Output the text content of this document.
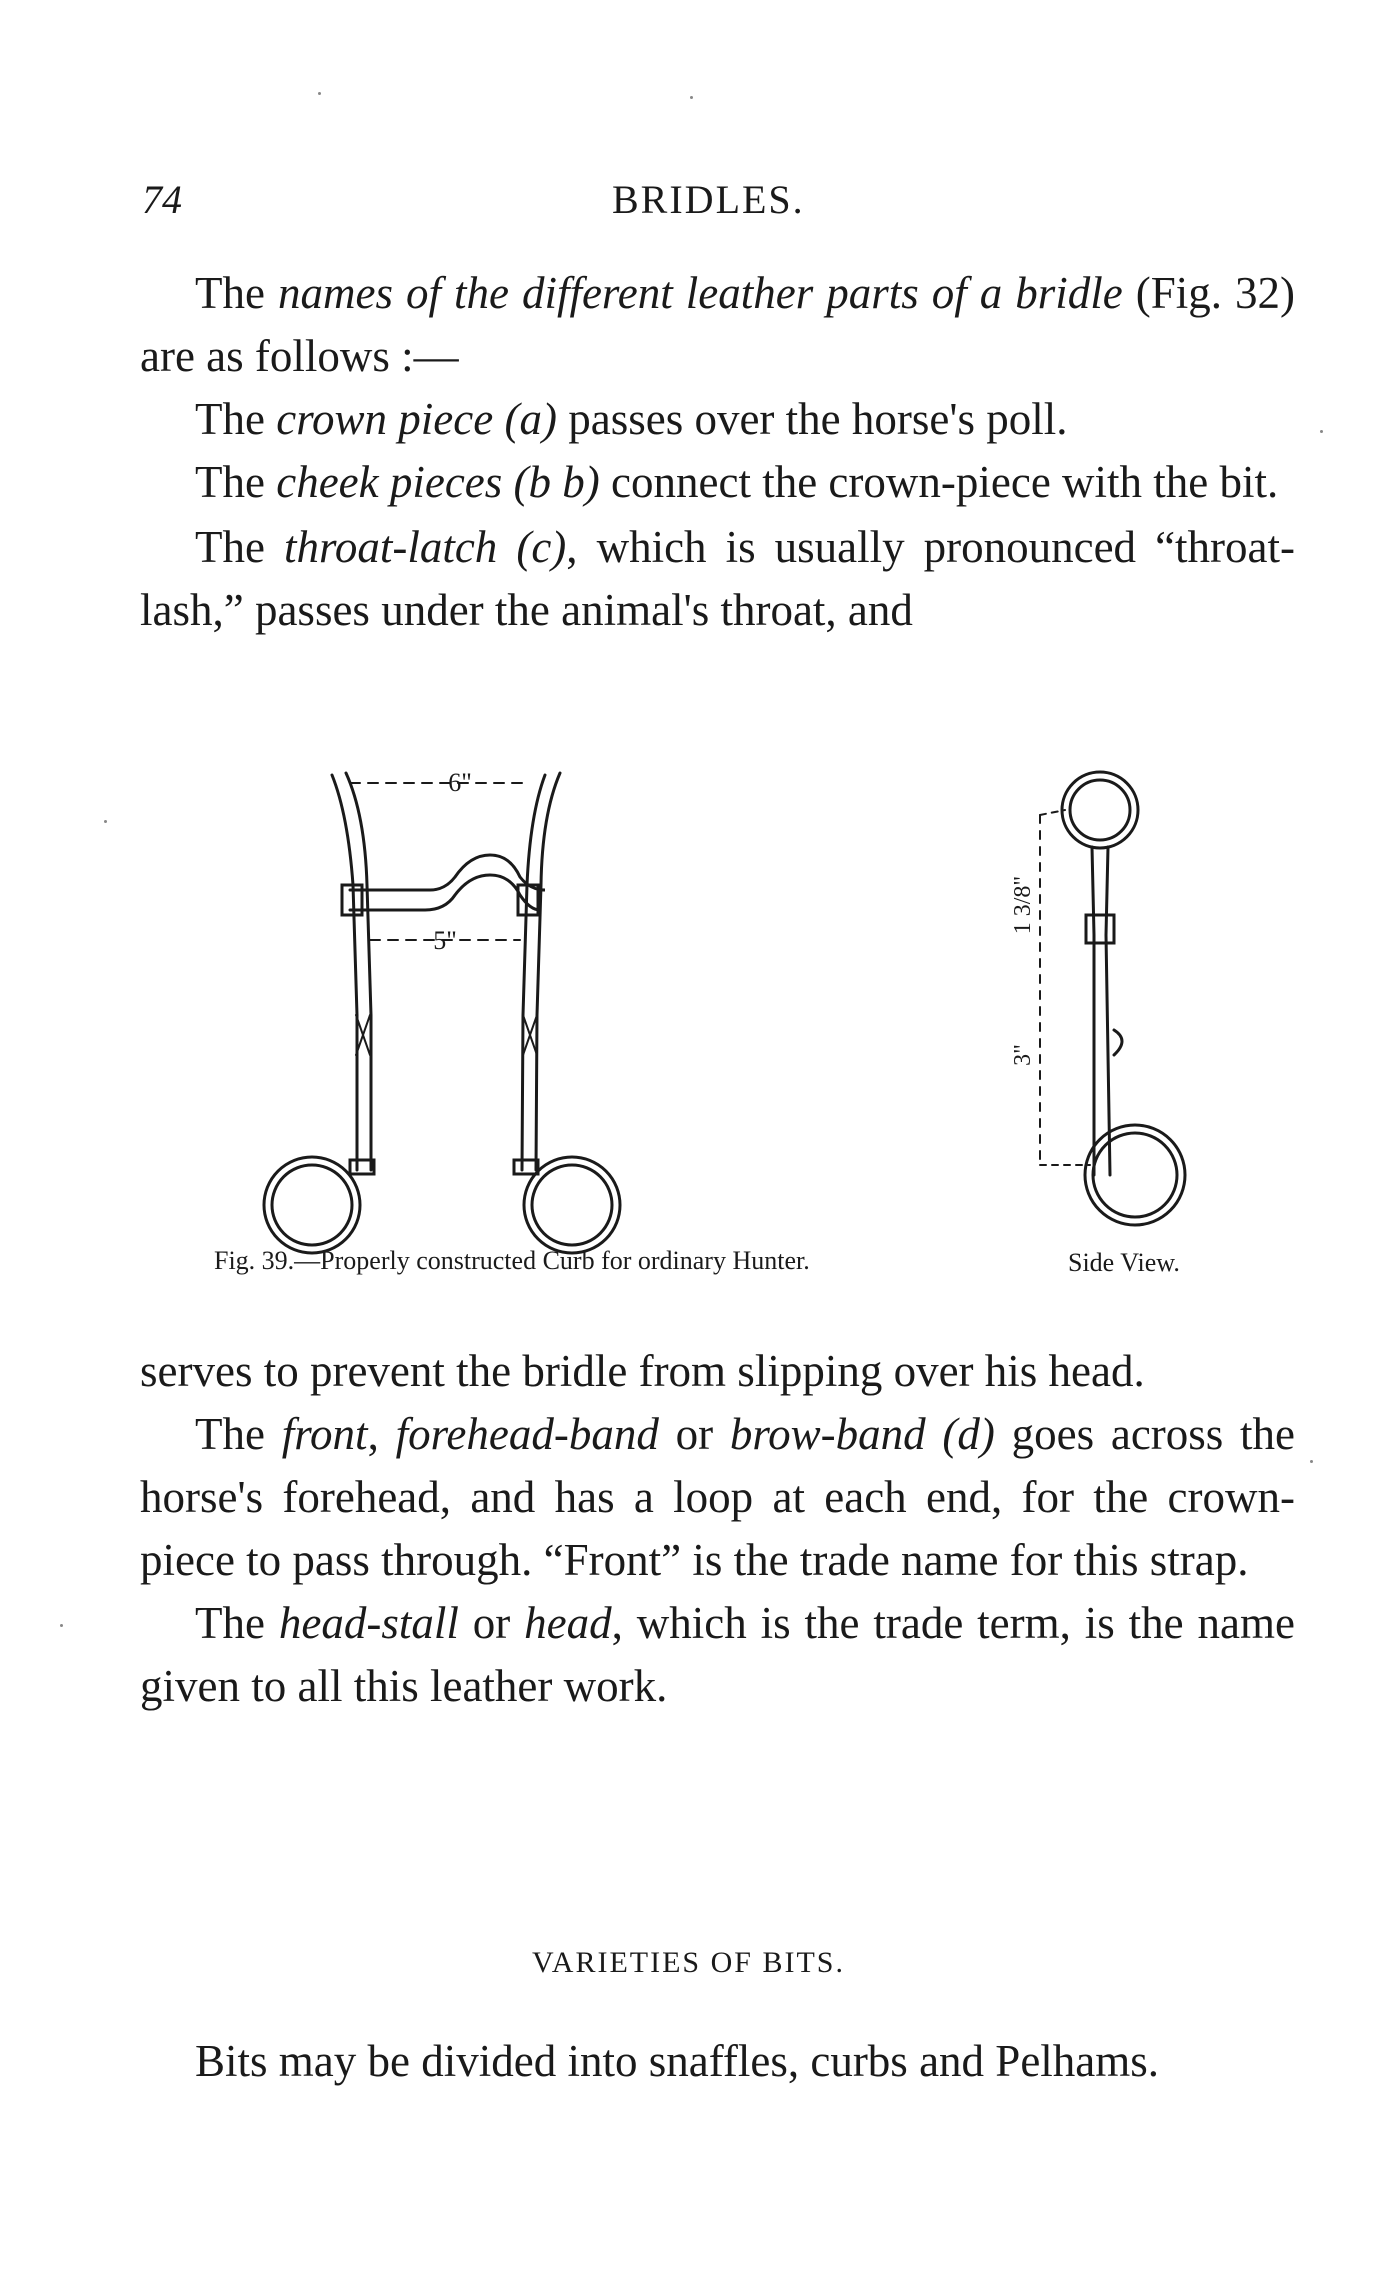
74	BRIDLES.

The names of the different leather parts of a bridle (Fig. 32) are as follows :—

The crown piece (a) passes over the horse's poll.

The cheek pieces (b b) connect the crown-piece with the bit.

The throat-latch (c), which is usually pronounced “throat-lash,” passes under the animal's throat, and

6"
5"
1 3/8"
3"
Fig. 39.—Properly constructed Curb for ordinary Hunter.	Side View.

serves to prevent the bridle from slipping over his head.

The front, forehead-band or brow-band (d) goes across the horse's forehead, and has a loop at each end, for the crown-piece to pass through. “Front” is the trade name for this strap.

The head-stall or head, which is the trade term, is the name given to all this leather work.

VARIETIES OF BITS.

Bits may be divided into snaffles, curbs and Pelhams.
